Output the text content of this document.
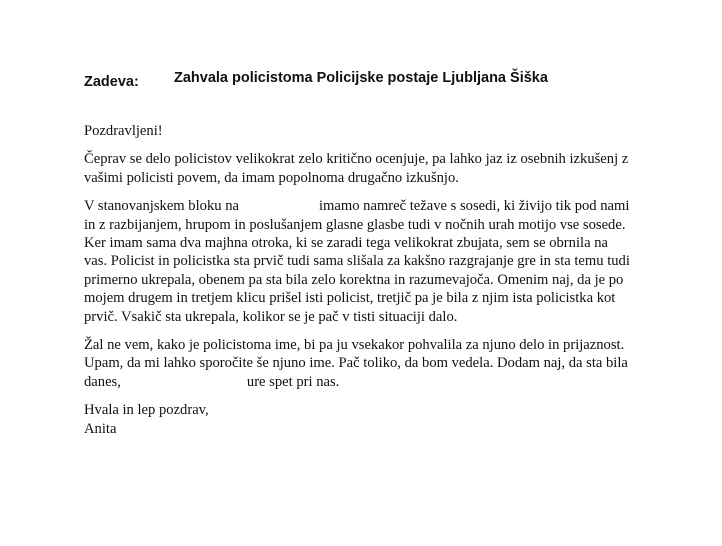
Zadeva: Zahvala policistoma Policijske postaje Ljubljana Šiška
Pozdravljeni!
Čeprav se delo policistov velikokrat zelo kritično ocenjuje, pa lahko jaz iz osebnih izkušenj z
vašimi policisti povem, da imam popolnoma drugačno izkušnjo.
V stanovanjskem bloku na	imamo namreč težave s sosedi, ki živijo tik pod nami
in z razbijanjem, hrupom in poslušanjem glasne glasbe tudi v nočnih urah motijo vse sosede.
Ker imam sama dva majhna otroka, ki se zaradi tega velikokrat zbujata, sem se obrnila na
vas. Policist in policistka sta prvič tudi sama slišala za kakšno razgrajanje gre in sta temu tudi
primerno ukrepala, obenem pa sta bila zelo korektna in razumevajoča. Omenim naj, da je po
mojem drugem in tretjem klicu prišel isti policist, tretjič pa je bila z njim ista policistka kot
prvič. Vsakič sta ukrepala, kolikor se je pač v tisti situaciji dalo.
Žal ne vem, kako je policistoma ime, bi pa ju vsekakor pohvalila za njuno delo in prijaznost.
Upam, da mi lahko sporočite še njuno ime. Pač toliko, da bom vedela. Dodam naj, da sta bila
danes,	ure spet pri nas.
Hvala in lep pozdrav,
Anita
